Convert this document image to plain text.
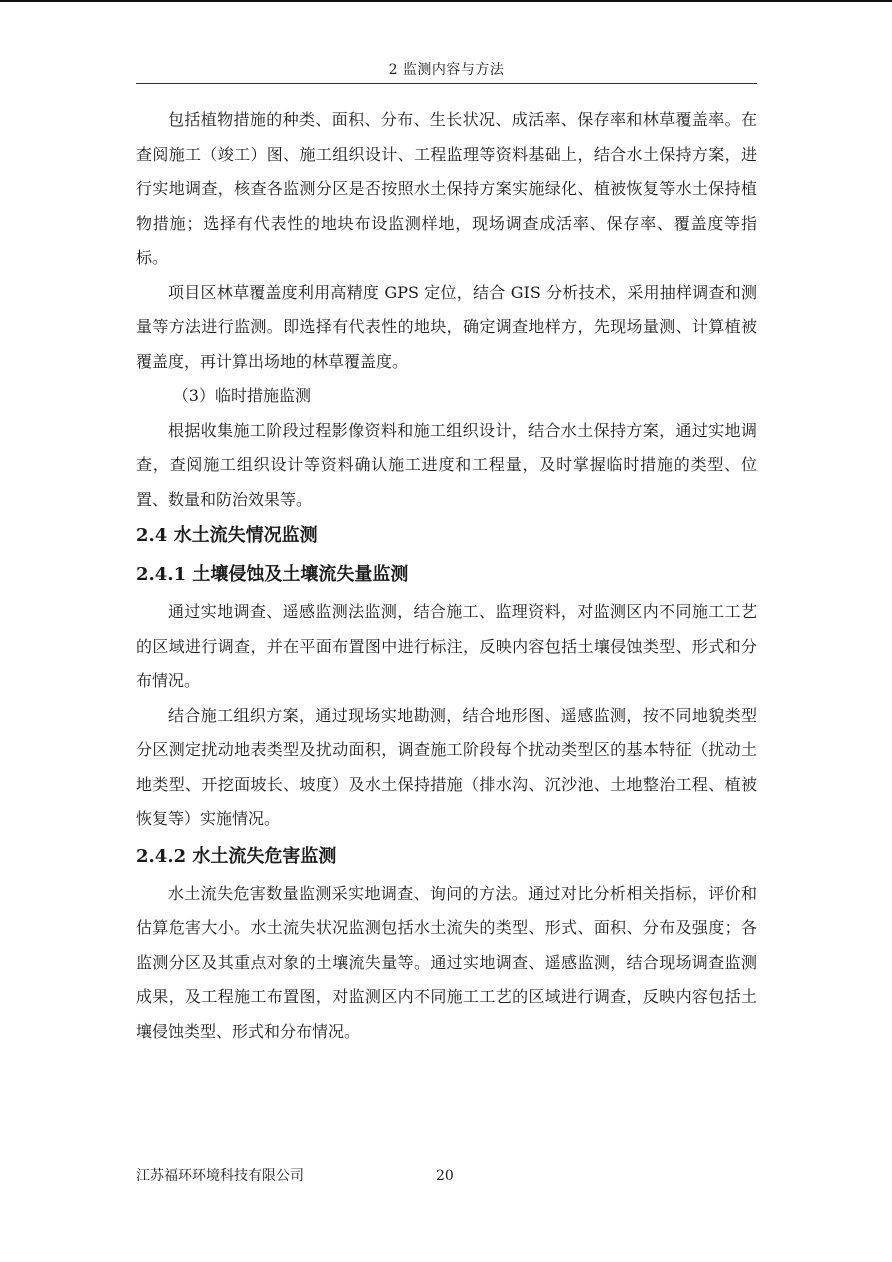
2 监测内容与方法

包括植物措施的种类、面积、分布、生长状况、成活率、保存率和林草覆盖率。在查阅施工（竣工）图、施工组织设计、工程监理等资料基础上，结合水土保持方案，进行实地调查，核查各监测分区是否按照水土保持方案实施绿化、植被恢复等水土保持植物措施；选择有代表性的地块布设监测样地，现场调查成活率、保存率、覆盖度等指标。

项目区林草覆盖度利用高精度 GPS 定位，结合 GIS 分析技术，采用抽样调查和测量等方法进行监测。即选择有代表性的地块，确定调查地样方，先现场量测、计算植被覆盖度，再计算出场地的林草覆盖度。

（3）临时措施监测

根据收集施工阶段过程影像资料和施工组织设计，结合水土保持方案，通过实地调查，查阅施工组织设计等资料确认施工进度和工程量，及时掌握临时措施的类型、位置、数量和防治效果等。

2.4 水土流失情况监测
2.4.1 土壤侵蚀及土壤流失量监测

通过实地调查、遥感监测法监测，结合施工、监理资料，对监测区内不同施工工艺的区域进行调查，并在平面布置图中进行标注，反映内容包括土壤侵蚀类型、形式和分布情况。

结合施工组织方案，通过现场实地勘测，结合地形图、遥感监测，按不同地貌类型分区测定扰动地表类型及扰动面积，调查施工阶段每个扰动类型区的基本特征（扰动土地类型、开挖面坡长、坡度）及水土保持措施（排水沟、沉沙池、土地整治工程、植被恢复等）实施情况。

2.4.2 水土流失危害监测

水土流失危害数量监测采实地调查、询问的方法。通过对比分析相关指标，评价和估算危害大小。水土流失状况监测包括水土流失的类型、形式、面积、分布及强度；各监测分区及其重点对象的土壤流失量等。通过实地调查、遥感监测，结合现场调查监测成果，及工程施工布置图，对监测区内不同施工工艺的区域进行调查，反映内容包括土壤侵蚀类型、形式和分布情况。

江苏福环环境科技有限公司	20
